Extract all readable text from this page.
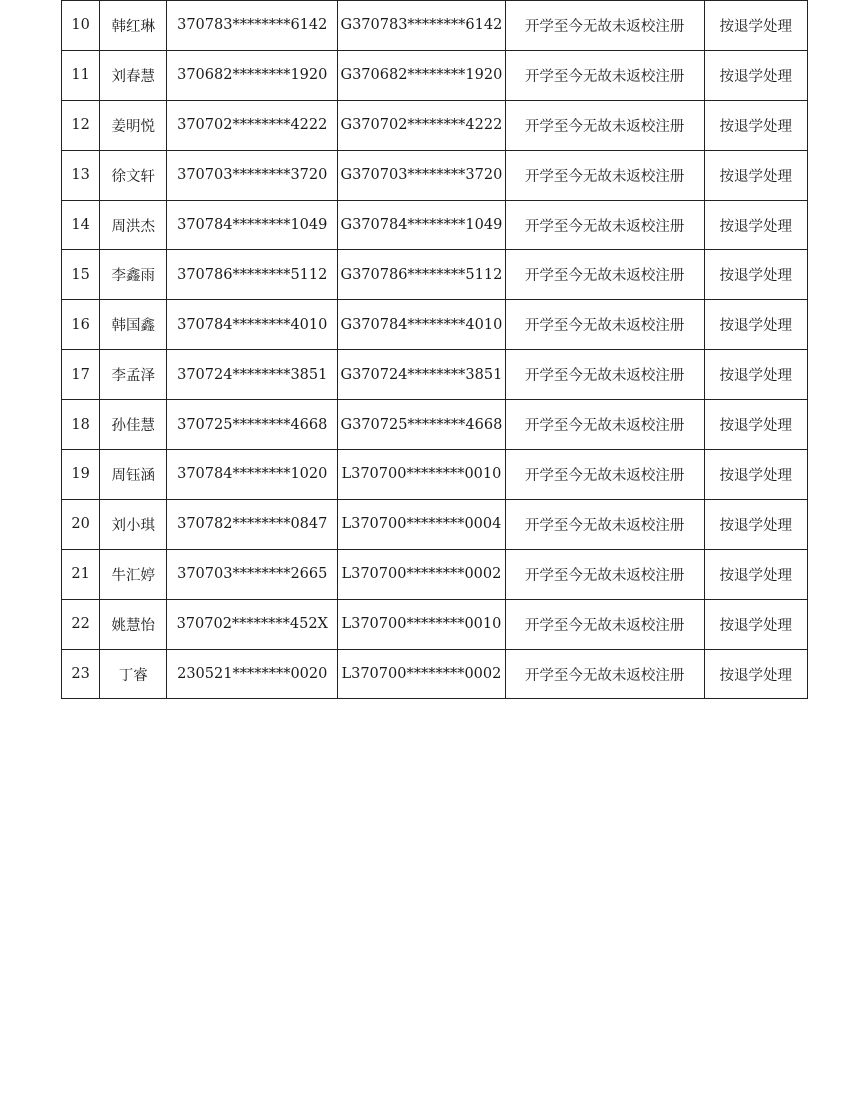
10	韩红琳	370783********6142	G370783********6142	开学至今无故未返校注册	按退学处理
11	刘春慧	370682********1920	G370682********1920	开学至今无故未返校注册	按退学处理
12	姜明悦	370702********4222	G370702********4222	开学至今无故未返校注册	按退学处理
13	徐文轩	370703********3720	G370703********3720	开学至今无故未返校注册	按退学处理
14	周洪杰	370784********1049	G370784********1049	开学至今无故未返校注册	按退学处理
15	李鑫雨	370786********5112	G370786********5112	开学至今无故未返校注册	按退学处理
16	韩国鑫	370784********4010	G370784********4010	开学至今无故未返校注册	按退学处理
17	李孟泽	370724********3851	G370724********3851	开学至今无故未返校注册	按退学处理
18	孙佳慧	370725********4668	G370725********4668	开学至今无故未返校注册	按退学处理
19	周钰涵	370784********1020	L370700********0010	开学至今无故未返校注册	按退学处理
20	刘小琪	370782********0847	L370700********0004	开学至今无故未返校注册	按退学处理
21	牛汇婷	370703********2665	L370700********0002	开学至今无故未返校注册	按退学处理
22	姚慧怡	370702********452X	L370700********0010	开学至今无故未返校注册	按退学处理
23	丁睿	230521********0020	L370700********0002	开学至今无故未返校注册	按退学处理
